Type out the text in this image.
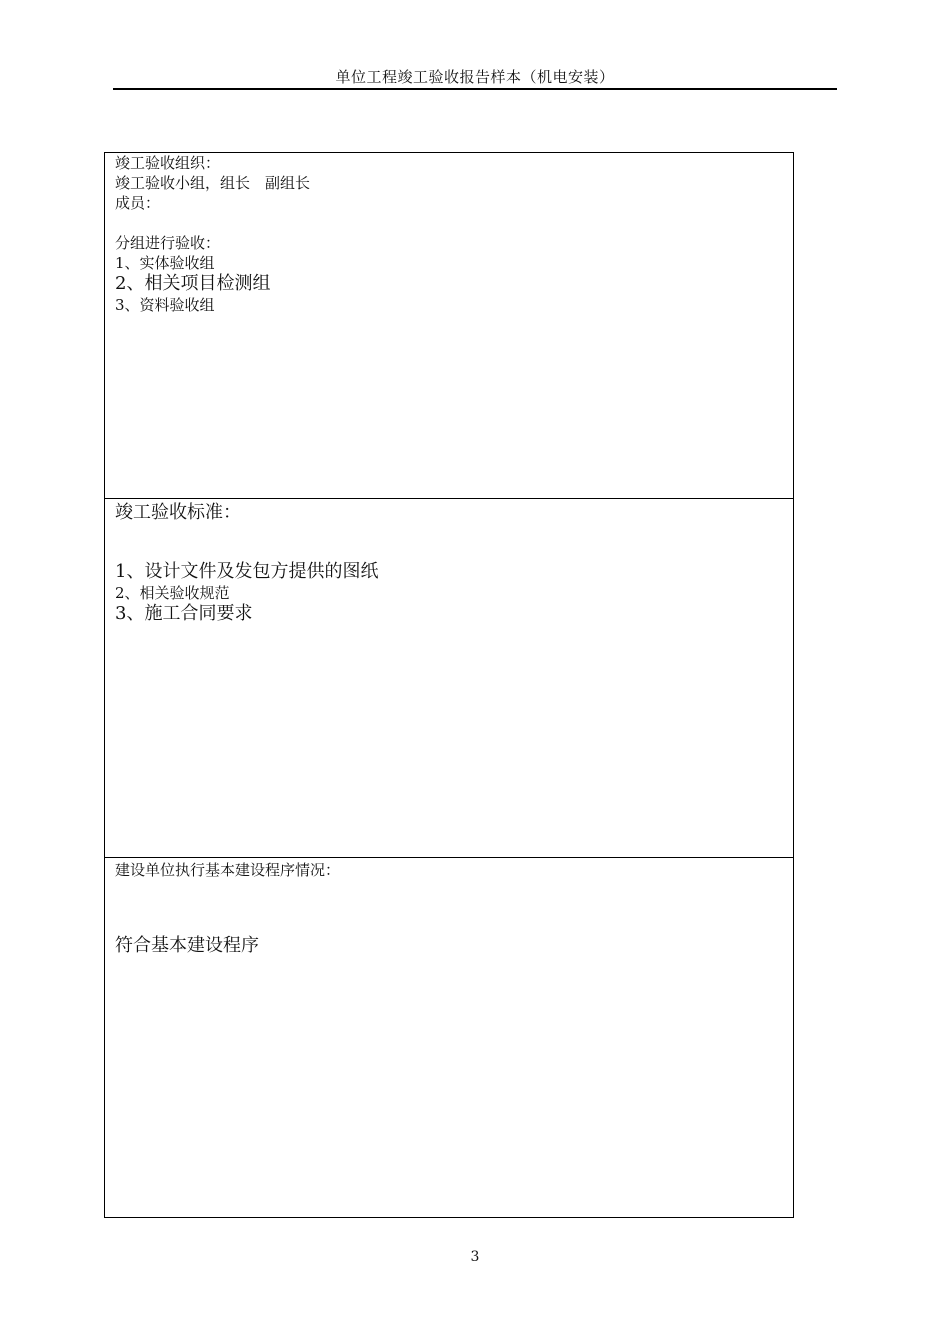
单位工程竣工验收报告样本（机电安装）
竣工验收组织：
竣工验收小组，组长 副组长
成员：
分组进行验收：
1、实体验收组
2、相关项目检测组
3、资料验收组
竣工验收标准：
1、设计文件及发包方提供的图纸
2、相关验收规范
3、施工合同要求
建设单位执行基本建设程序情况：
符合基本建设程序
3
